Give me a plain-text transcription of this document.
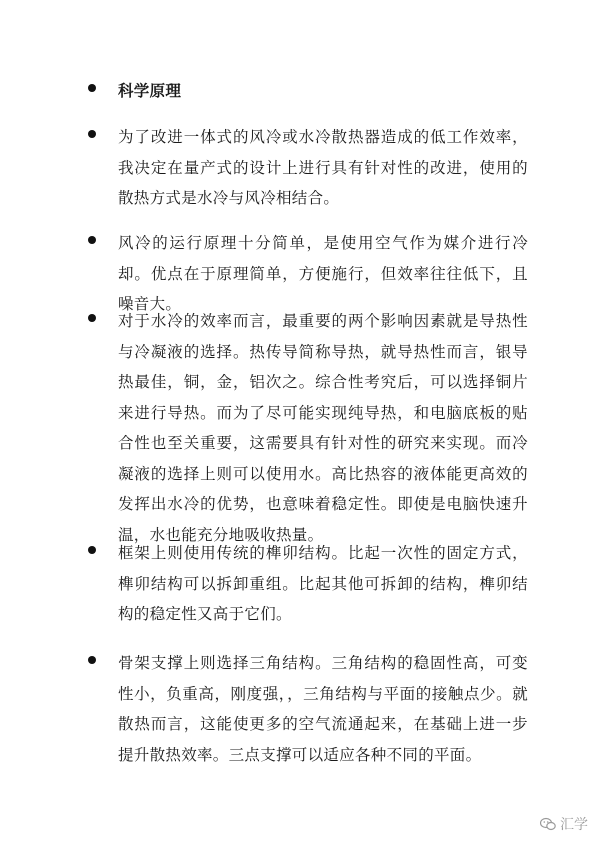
科学原理
为了改进一体式的风冷或水冷散热器造成的低工作效率，我决定在量产式的设计上进行具有针对性的改进，使用的散热方式是水冷与风冷相结合。
风冷的运行原理十分简单，是使用空气作为媒介进行冷却。优点在于原理简单，方便施行，但效率往往低下，且噪音大。
对于水冷的效率而言，最重要的两个影响因素就是导热性与冷凝液的选择。热传导简称导热，就导热性而言，银导热最佳，铜，金，铝次之。综合性考究后，可以选择铜片来进行导热。而为了尽可能实现纯导热，和电脑底板的贴合性也至关重要，这需要具有针对性的研究来实现。而冷凝液的选择上则可以使用水。高比热容的液体能更高效的发挥出水冷的优势，也意味着稳定性。即使是电脑快速升温，水也能充分地吸收热量。
框架上则使用传统的榫卯结构。比起一次性的固定方式，榫卯结构可以拆卸重组。比起其他可拆卸的结构，榫卯结构的稳定性又高于它们。
骨架支撑上则选择三角结构。三角结构的稳固性高，可变性小，负重高，刚度强，，三角结构与平面的接触点少。就散热而言，这能使更多的空气流通起来，在基础上进一步提升散热效率。三点支撑可以适应各种不同的平面。
汇学
